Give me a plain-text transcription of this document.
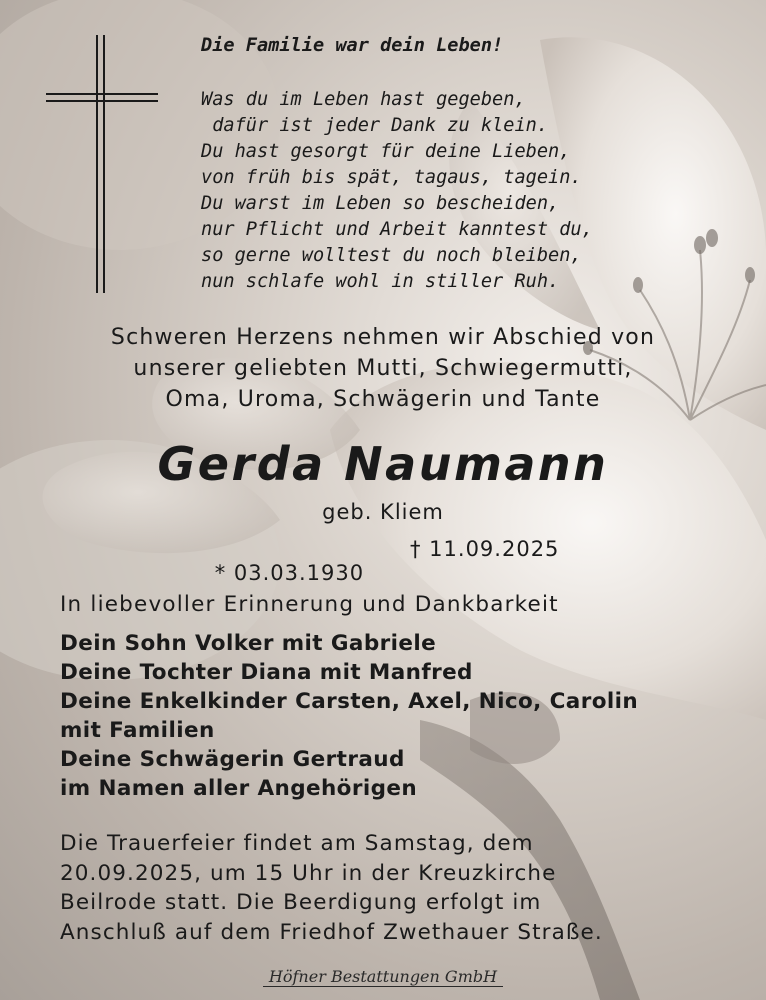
Die Familie war dein Leben!
Was du im Leben hast gegeben,
dafür ist jeder Dank zu klein.
Du hast gesorgt für deine Lieben,
von früh bis spät, tagaus, tagein.
Du warst im Leben so bescheiden,
nur Pflicht und Arbeit kanntest du,
so gerne wolltest du noch bleiben,
nun schlafe wohl in stiller Ruh.
Schweren Herzens nehmen wir Abschied von
unserer geliebten Mutti, Schwiegermutti,
Oma, Uroma, Schwägerin und Tante
Gerda Naumann
geb. Kliem

* 03.03.1930

† 11.09.2025

In liebevoller Erinnerung und Dankbarkeit
Dein Sohn Volker mit Gabriele
Deine Tochter Diana mit Manfred
Deine Enkelkinder Carsten, Axel, Nico, Carolin
mit Familien
Deine Schwägerin Gertraud
im Namen aller Angehörigen
Die Trauerfeier findet am Samstag, dem
20.09.2025, um 15 Uhr in der Kreuzkirche
Beilrode statt. Die Beerdigung erfolgt im
Anschluß auf dem Friedhof Zwethauer Straße.
Höfner Bestattungen GmbH
